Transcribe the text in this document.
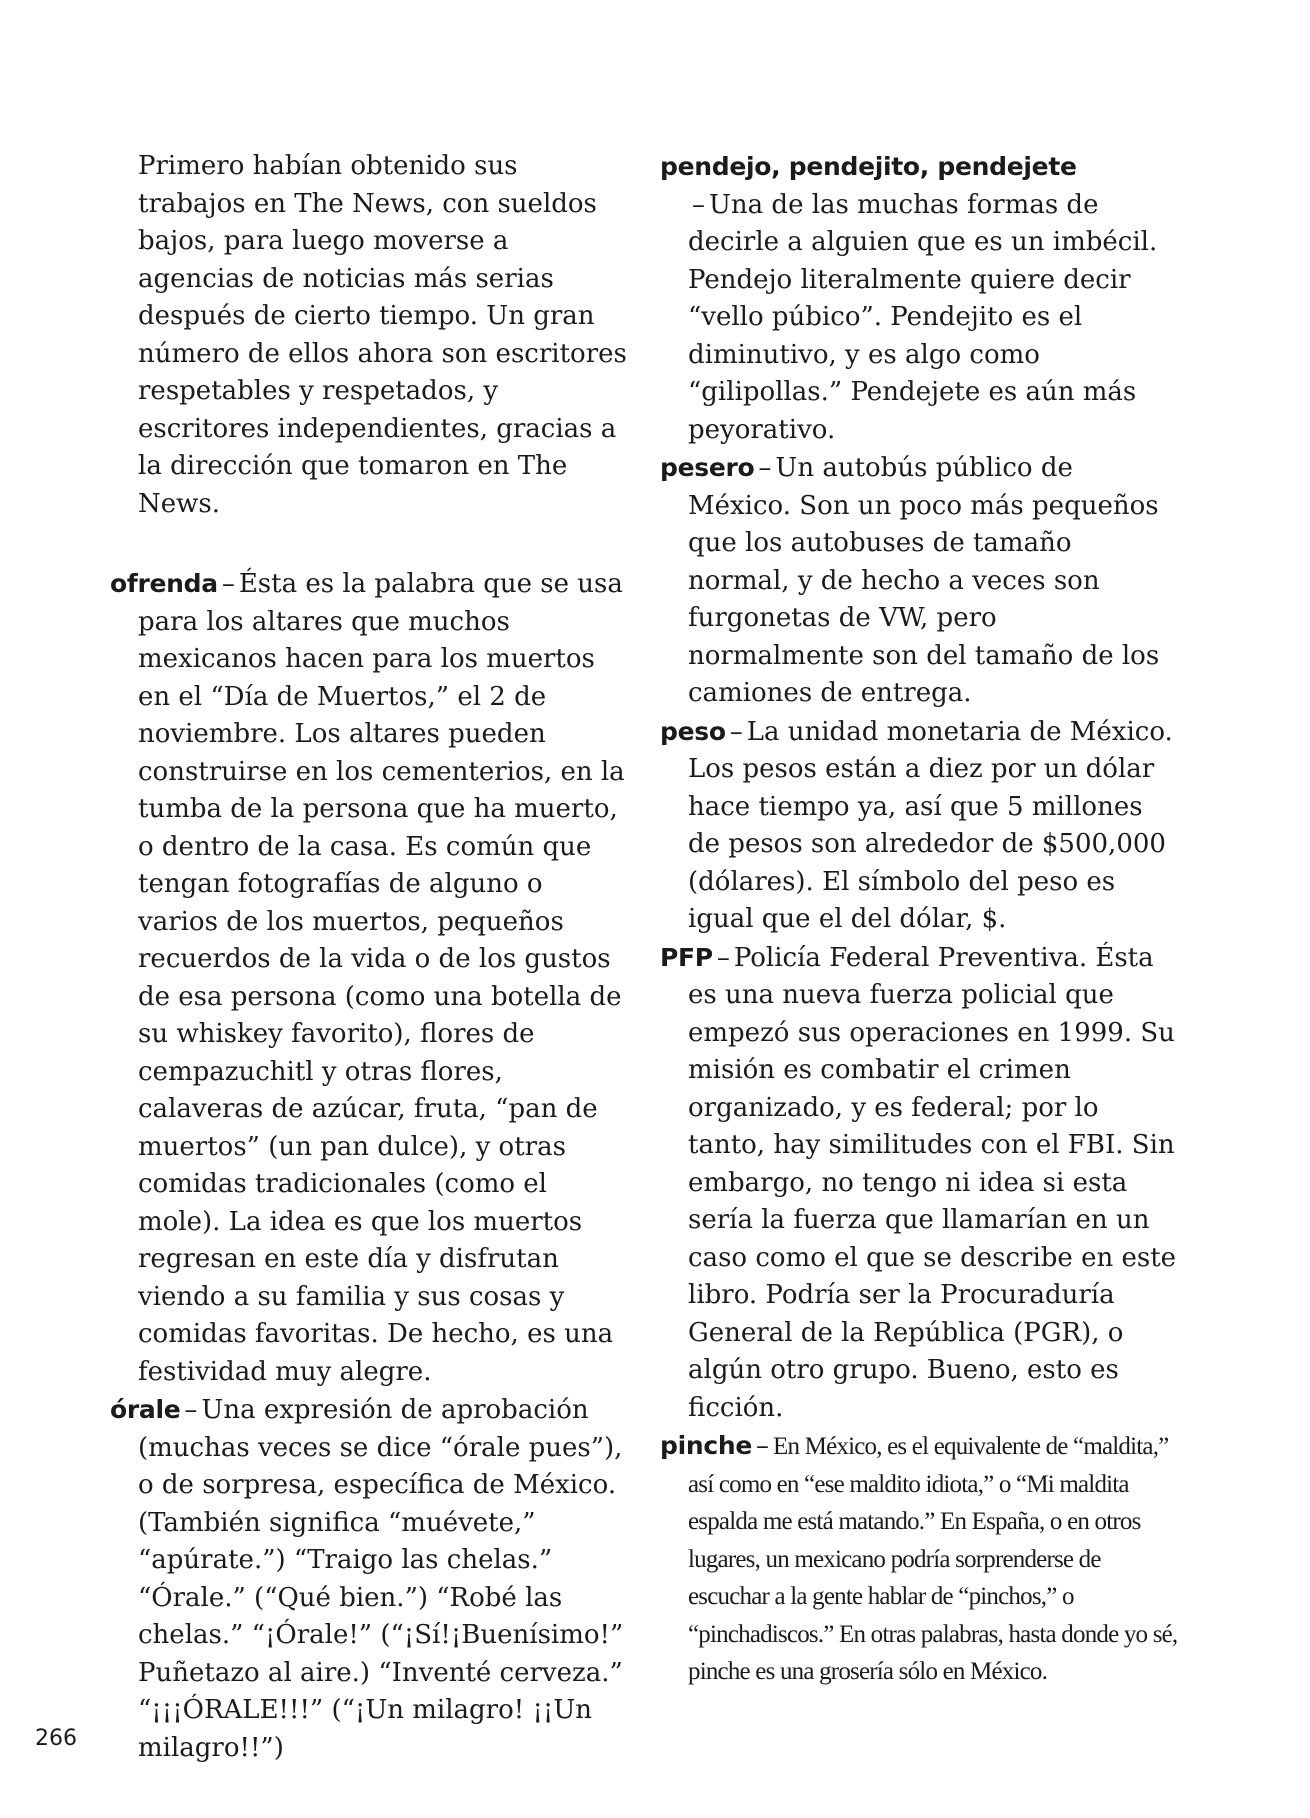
Primero habían obtenido sus trabajos en The News, con sueldos bajos, para luego moverse a agencias de noticias más serias después de cierto tiempo. Un gran número de ellos ahora son escritores respetables y respetados, y escritores independientes, gracias a la dirección que tomaron en The News.

ofrenda – Ésta es la palabra que se usa para los altares que muchos mexicanos hacen para los muertos en el “Día de Muertos,” el 2 de noviembre. Los altares pueden construirse en los cementerios, en la tumba de la persona que ha muerto, o dentro de la casa. Es común que tengan fotografías de alguno o varios de los muertos, pequeños recuerdos de la vida o de los gustos de esa persona (como una botella de su whiskey favorito), flores de cempazuchitl y otras flores, calaveras de azúcar, fruta, “pan de muertos” (un pan dulce), y otras comidas tradicionales (como el mole). La idea es que los muertos regresan en este día y disfrutan viendo a su familia y sus cosas y comidas favoritas. De hecho, es una festividad muy alegre.

órale – Una expresión de aprobación (muchas veces se dice “órale pues”), o de sorpresa, específica de México. (También significa “muévete,” “apúrate.”) “Traigo las chelas.” “Órale.” (“Qué bien.”) “Robé las chelas.” “¡Órale!” (“¡Sí!¡Buenísimo!” Puñetazo al aire.) “Inventé cerveza.” “¡¡¡ÓRALE!!!” (“¡Un milagro! ¡¡Un milagro!!”)

pendejo, pendejito, pendejete
– Una de las muchas formas de decirle a alguien que es un imbécil. Pendejo literalmente quiere decir “vello púbico”. Pendejito es el diminutivo, y es algo como “gilipollas.” Pendejete es aún más peyorativo.

pesero – Un autobús público de México. Son un poco más pequeños que los autobuses de tamaño normal, y de hecho a veces son furgonetas de VW, pero normalmente son del tamaño de los camiones de entrega.

peso – La unidad monetaria de México. Los pesos están a diez por un dólar hace tiempo ya, así que 5 millones de pesos son alrededor de $500,000 (dólares). El símbolo del peso es igual que el del dólar, $.

PFP – Policía Federal Preventiva. Ésta es una nueva fuerza policial que empezó sus operaciones en 1999. Su misión es combatir el crimen organizado, y es federal; por lo tanto, hay similitudes con el FBI. Sin embargo, no tengo ni idea si esta sería la fuerza que llamarían en un caso como el que se describe en este libro. Podría ser la Procuraduría General de la República (PGR), o algún otro grupo. Bueno, esto es ficción.

pinche – En México, es el equivalente de “maldita,” así como en “ese maldito idiota,” o “Mi maldita espalda me está matando.” En España, o en otros lugares, un mexicano podría sorprenderse de escuchar a la gente hablar de “pinchos,” o “pinchadiscos.” En otras palabras, hasta donde yo sé, pinche es una grosería sólo en México.

266
